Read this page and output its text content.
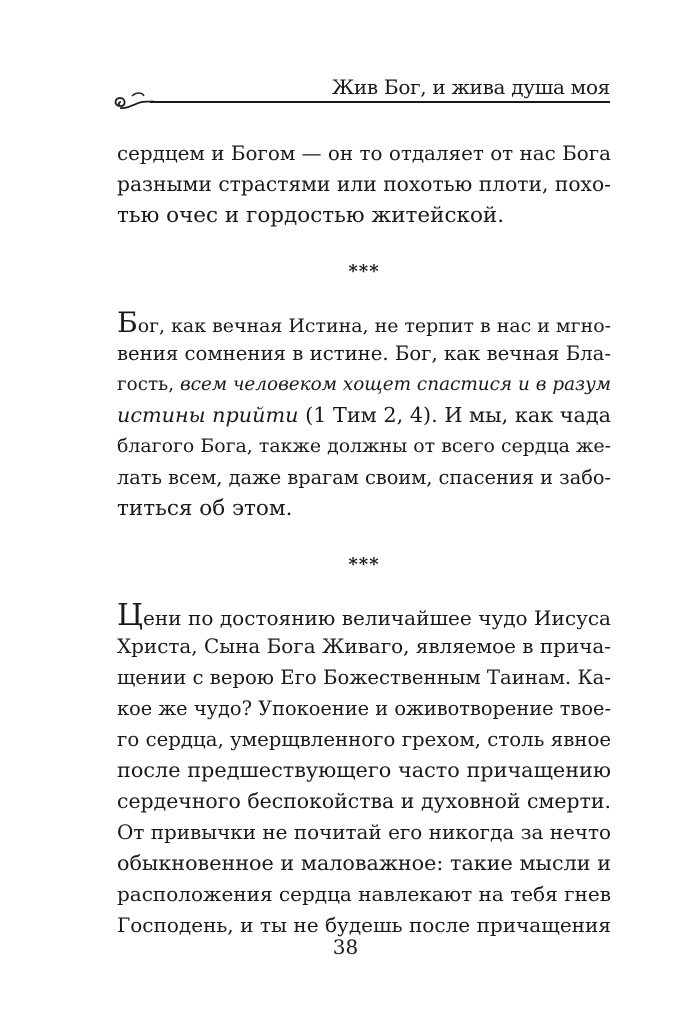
Жив Бог, и жива душа моя
сердцем и Богом — он то отдаляет от нас Бога
разными страстями или похотью плоти, похо-
тью очес и гордостью житейской.
***
Бог, как вечная Истина, не терпит в нас и мгно-
вения сомнения в истине. Бог, как вечная Бла-
гость, всем человеком хощет спастися и в разум
истины прийти (1 Тим 2, 4). И мы, как чада
благого Бога, также должны от всего сердца же-
лать всем, даже врагам своим, спасения и забо-
титься об этом.
***
Цени по достоянию величайшее чудо Иисуса
Христа, Сына Бога Живаго, являемое в прича-
щении с верою Его Божественным Таинам. Ка-
кое же чудо? Упокоение и оживотворение твое-
го сердца, умерщвленного грехом, столь явное
после предшествующего часто причащению
сердечного беспокойства и духовной смерти.
От привычки не почитай его никогда за нечто
обыкновенное и маловажное: такие мысли и
расположения сердца навлекают на тебя гнев
Господень, и ты не будешь после причащения
38
